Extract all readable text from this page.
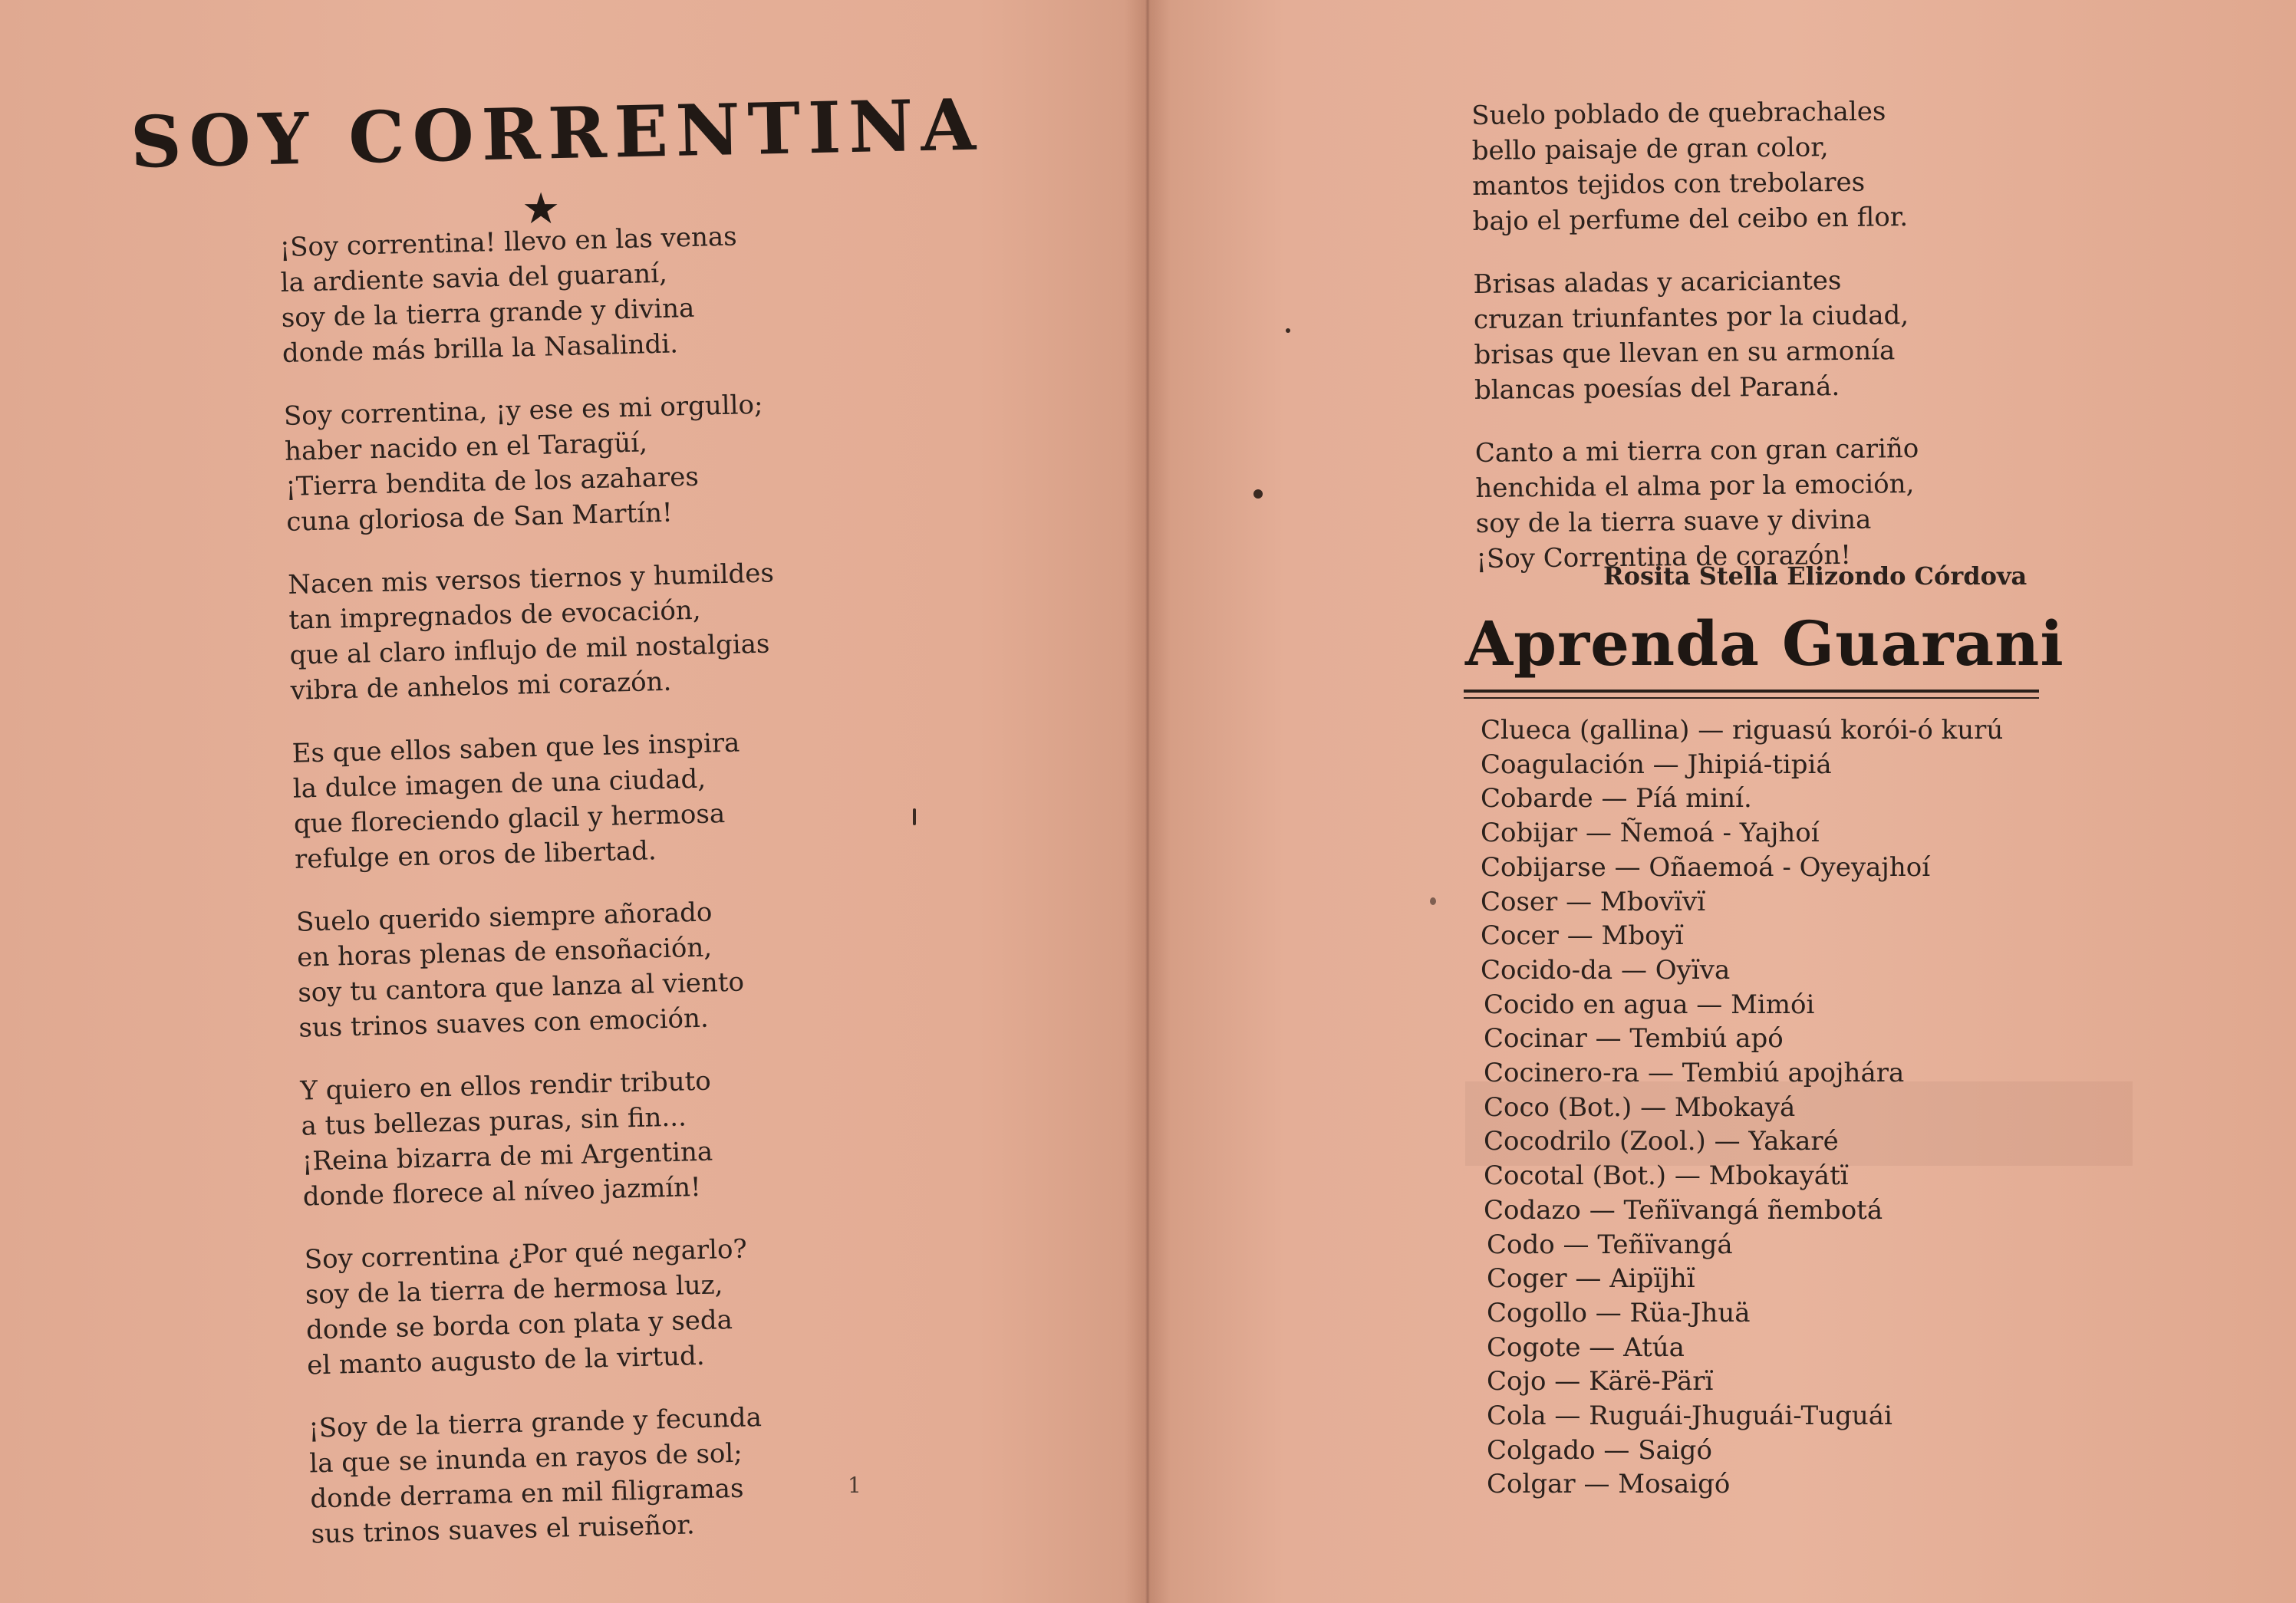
SOY CORRENTINA
★
¡Soy correntina! llevo en las venas
la ardiente savia del guaraní,
soy de la tierra grande y divina
donde más brilla la Nasalindi.
Soy correntina, ¡y ese es mi orgullo;
haber nacido en el Taragüí,
¡Tierra bendita de los azahares
cuna gloriosa de San Martín!
Nacen mis versos tiernos y humildes
tan impregnados de evocación,
que al claro influjo de mil nostalgias
vibra de anhelos mi corazón.
Es que ellos saben que les inspira
la dulce imagen de una ciudad,
que floreciendo glacil y hermosa
refulge en oros de libertad.
Suelo querido siempre añorado
en horas plenas de ensoñación,
soy tu cantora que lanza al viento
sus trinos suaves con emoción.
Y quiero en ellos rendir tributo
a tus bellezas puras, sin fin...
¡Reina bizarra de mi Argentina
donde florece al níveo jazmín!
Soy correntina ¿Por qué negarlo?
soy de la tierra de hermosa luz,
donde se borda con plata y seda
el manto augusto de la virtud.
¡Soy de la tierra grande y fecunda
la que se inunda en rayos de sol;
donde derrama en mil filigramas
sus trinos suaves el ruiseñor.
1
Suelo poblado de quebrachales
bello paisaje de gran color,
mantos tejidos con trebolares
bajo el perfume del ceibo en flor.
Brisas aladas y acariciantes
cruzan triunfantes por la ciudad,
brisas que llevan en su armonía
blancas poesías del Paraná.
Canto a mi tierra con gran cariño
henchida el alma por la emoción,
soy de la tierra suave y divina
¡Soy Correntina de corazón!
Rosita Stella Elizondo Córdova
Aprenda Guarani
Clueca (gallina) — riguasú korói-ó kurú
Coagulación — Jhipiá-tipiá
Cobarde — Píá miní.
Cobijar — Ñemoá - Yajhoí
Cobijarse — Oñaemoá - Oyeyajhoí
Coser — Mbovïvï
Cocer — Mboyï
Cocido-da — Oyïva
Cocido en agua — Mimói
Cocinar — Tembiú apó
Cocinero-ra — Tembiú apojhára
Coco (Bot.) — Mbokayá
Cocodrilo (Zool.) — Yakaré
Cocotal (Bot.) — Mbokayátï
Codazo — Teñïvangá ñembotá
Codo — Teñïvangá
Coger — Aipïjhï
Cogollo — Rüa-Jhuä
Cogote — Atúa
Cojo — Kärë-Pärï
Cola — Ruguái-Jhuguái-Tuguái
Colgado — Saigó
Colgar — Mosaigó
